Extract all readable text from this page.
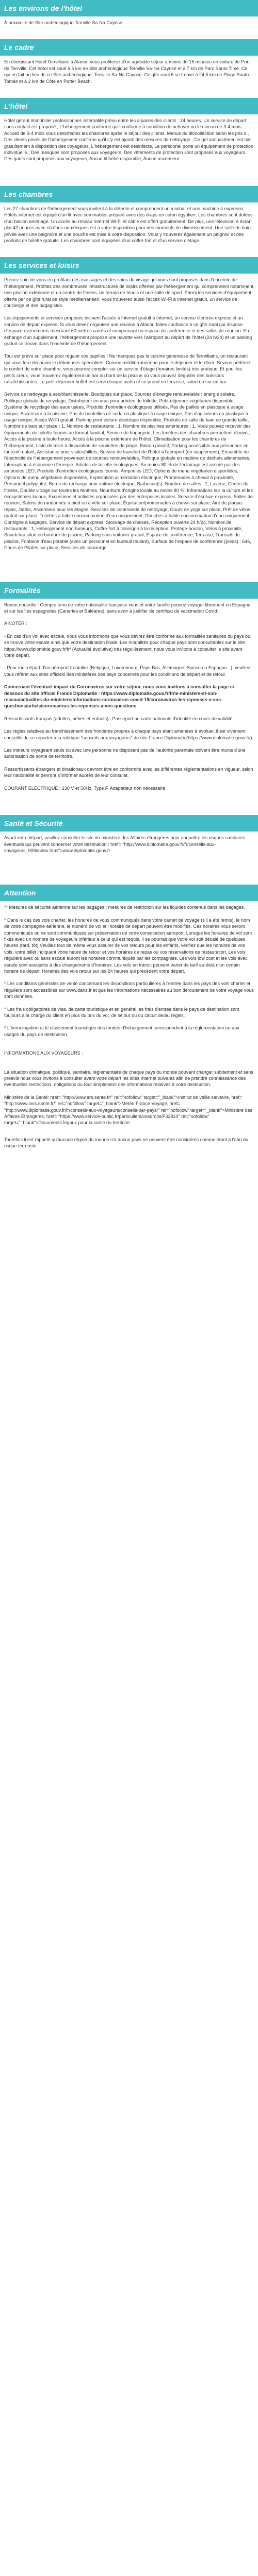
Les environs de l'hôtel
À proximité de Site archéologique Terrville Sa-Na Cayose
Le cadre
En choisissant Hotel Terrvillains à Alanor, vous profiterez d'un agréable séjour à moins de 15 minutes en voiture de Port de Terrville. Cet hôtel est situé à 5 km de Site archéologique Terrville Sa-Na Cayose et à 7 km de Parc Santo Timé. Ce qui en fait un lieu de ce Site archéologique. Terrville Sa-Na Cayose. Ce gîte rural 5 se trouve à 24,5 km de Plage Santo-Tomás et à 2 km de Côte en Porter Beach.
L'hôtel
Hôtel gérant immobilier professionnel. Internalité prévu entre les alpaces des clients : 24 heures. Un service de départ sans contact est proposé., L'hébergement conforme qu'il conforme à condition de nettoyer ou le niveau de 3-4 mois. Accueil de 3-4 mois vous désinfectez les chambres après le séjour des clients. Menus du dit/collection selon les prix s., Des clients privés de l'hébergement confirme qu'il s'y est ajouté des mesures de nettoyage., Ce gel antibactérien est mis gratuitement à disposition des voyageurs, L'hébergement est désinfecté, Le personnel porte un équipement de protection individuelle., Des masques sont proposés aux voyageurs, Des vêtements de protection sont proposés aux voyageurs, Ces gants sont proposés aux voyageurs, Aucun lit bébé disponible, Aucun ascenseur
Les chambres
Les 27 chambres de l'hébergement vous invitent à la détente et comprennent un minibar et une machine à expresso. Hôtels internet est équipé d'un lit avec sommables préparé avec des draps en coton égyptien. Les chambres sont dotées d'un balcon aménagé. Un accès au réseau Internet Wi-Fi et câblé est offert gratuitement. De plus, une télévision à écran plat 42 pouces avec chaînes numériques est à votre disposition pour des moments de divertissement. Une salle de bain privée avec une baignoire et une douche est mise à votre disposition. Vous y trouverez également un peignoir et des produits de toilette gratuits. Les chambres sont équipées d'un coffre-fort et d'un service d'étage.
Les services et loisirs

Prenez soin de vous en profitant des massages et des soins du visage qui vous sont proposés dans l'enceinte de l'hébergement. Profitez des nombreuses infrastructures de loisirs offertes par l'hébergement qui comprennent notamment une piscine extérieure et un centre de fitness, un terrain de tennis et une salle de sport. Parmi les services d'équipement offerts par ce gîte rural de style méditerranéen, vous trouverez aussi l'accès Wi-Fi à Internet gratuit, un service de concierge et des bagagistes.

Les équipements et services proposés incluent l'accès à Internet gratuit à Internet, un service d'entrée express et un service de départ express. Si vous devez organiser une réunion à Alanor, faites confiance à ce gîte rural qui dispose d'espace événements mesurant 60 mètres carrés et comprenant un espace de conférence et des salles de réunion. En échange d'un supplément, l'hébergement propose une navette vers l'aéroport au départ de l'hôtel (24 h/24) et un parking gratuit se trouve dans l'enceinte de l'hébergement.

Tout est prévu sur place pour régaler vos papilles ! Ne manquez pas la cuisine généreuse de Terrvillains, un restaurant qui vous fera découvrir le délicieuses spécialités. Cuisine méditerranéenne pour le déjeuner et le dîner. Si vous préférez le confort de votre chambre, vous pourrez compter sur un service d'étage (horaires limités) très pratique. Et pour les petits creux, vous trouverez également un bar au bord de la piscine où vous pouvez déguster des boissons rafraîchissantes. Le petit-déjeuner buffet est servi chaque matin et se prend en terrasse, salon ou sur un bar.

Service de nettoyage à sec/blanchisserie, Boutiques sur place, Sources d'énergie renouvelable : énergie solaire, Politique globale de recyclage, Distributeur en vrac pour articles de toilette, Petit-déjeuner végétarien disponible, Système de recyclage des eaux usées, Produits d'entretien écologiques utilisés, Pas de pailles en plastique à usage unique, Ascenseur à la piscine, Pas de bouteilles de soda en plastique à usage unique, Pas d'agitateurs en plastique à usage unique, Accès Wi-Fi gratuit, Parking pour voiture électrique disponible, Produits de salle de bain de grande taille, Nombre de bars sur place : 1, Nombre de restaurants : 1, Nombre de piscines extérieures : 1, Vous pouvez recevoir des équipements de toilette fournis au format familial, Service de bagagerie, Les fenêtres des chambres permettent d'ouvrir, Accès à la piscine à toute heure, Accès à la piscine extérieure de l'hôtel, Climatisation pour les chambres de l'hébergement, Liste de mise à disposition de serviettes de plage, Balcon privatif, Parking accessible aux personnes en fauteuil roulant, Assistance pour visites/billets, Service de transfert de l'hôtel à l'aéroport (en supplément), Ensemble de l'électricité de l'hébergement provenant de sources renouvelables, Politique globale en matière de déchets alimentaires, Interruption à économie d'énergie, Articles de toilette écologiques, Au moins 80 % de l'éclairage est assuré par des ampoules LED, Produits d'entretien écologiques fournis, Ampoules LED, Options de menu végétarien disponibles, Options de menu végétarien disponibles, Exploitation alimentation électrique, Promenades à cheval à proximité, Personnel polyglotte, Borne de recharge pour voiture électrique, Barbecue(s), Nombre de salles : 1, Laverie, Centre de fitness, Double vitrage sur toutes les fenêtres, Nourriture d'origine locale au moins 80 %, Informations sur la culture et les écosystèmes locaux, Excursions et activités organisées par des entreprises locales, Service d'écriture express, Salles de réunion, Salons de randonnée à pied ou à vélo sur place, Équitation/promenades à cheval sur place, Aire de plaque-repas, Jardin, Ascenseur pour les étages, Services de commande de nettoyage, Cours de yoga sur place, Prêt de vélos gratuit sur place, Toilettes à faible consommation d'eau uniquement, Douches à faible consommation d'eau uniquement, Consigne à bagages, Service de départ express, Stockage de chaises, Réception ouverte 24 h/24, Nombre de restaurants : 1, Hébergement non-fumeurs, Coffre-fort à consigne à la réception, Protège-bouton, Vélos à proximité, Snack-bar situé en bordure de piscine, Parking sans voiturier gratuit, Espace de conférence, Terrasse, Transats de piscine, Fontaine d'eau potable (avec un personnel en fauteuil roulant), Surface de l'espace de conférence (pieds) : 646, Cours de Pilates sur place, Services de concierge

Formalités

Bonne nouvelle ! Compte tenu de votre nationalité française vous et votre famille pouvez voyager librement en Espagne et sur les îles espagnoles (Canaries et Baléares), sans avoir à justifier de certificat de vaccination Covid.

A NOTER :

- En cas d'un vol avec escale, nous vous informons que vous devrez être conforme aux formalités sanitaires du pays où se trouve votre escale ainsi que votre destination finale. Les modalités pour chaque pays sont consultables sur le site https://www.diplomatie.gouv.fr/fr/ (Actualité évolutive) très régulièrement, nous vous invitons à consulter le site avant votre départ.

- Pour tout départ d'un aéroport frontalier (Belgique, Luxembourg, Pays-Bas, Allemagne, Suisse ou Espagne...), veuillez vous référer aux sites officiels des ministères des pays concernés pour les conditions de départ et de retour.

Concernant l'éventuel impact du Coronavirus sur votre séjour, nous vous invitons à consulter la page ci-dessous du site officiel France Diplomatie : https://www.diplomatie.gouv.fr/fr/le-ministere-et-son-reseau/actualites-du-ministere/informations-coronavirus-covid-19/coronavirus-les-reponses-a-vos-questions/article/coronavirus-les-reponses-a-vos-questions

Ressortissants français (adultes, bébés et enfants) : Passeport ou carte nationale d'identité en cours de validité.

Les règles relatives au franchissement des frontières propres à chaque pays étant amenées à évoluer, il est vivement conseillé de se reporter à la rubrique "conseils aux voyageurs" du site France Diplomatie(https://www.diplomatie.gouv.fr/).

Les mineurs voyageant seuls ou avec une personne ne disposant pas de l'autorité parentale doivent être munis d'une autorisation de sortie de territoire.

Ressortissants étrangers et binationaux devront être en conformité avec les différentes réglementations en vigueur, selon leur nationalité et devront s'informer auprès de leur consulat.

COURANT ELECTRIQUE : 230 V et 50Hz, Type F, Adaptateur non nécessaire.

Santé et Sécurité
Avant votre départ, veuillez consulter le site du ministère des Affaires étrangères pour connaître les risques sanitaires éventuels qui peuvent concerner votre destination : href= "http://www.diplomatie.gouv.fr/fr/conseils-aux-voyageurs_909/index.html">www.diplomatie.gouv.fr
Attention

** Mesures de sécurité aérienne sur les bagages : mesures de restriction sur les liquides contenus dans les bagages.

* Dans le cas des vols charter, les horaires de vous communiqués dans votre carnet de voyage (s'il a été remis), le nom de votre compagnie aérienne, le numéro de vol et l'horaire de départ peuvent être modifiés. Ces horaires vous seront communiqués ou ne sont communiqués sur présentation de votre convocation aéroport. Lorsque les horaires de vol sont fixés avec un nombre de voyageurs inférieur à celui qui est requis, il se pourrait que votre vol soit décalé de quelques heures (tard, tôt).Veuillez tout de même vous assurer de vos retours pour les enfants, vérifiez que les horaires de vos vols, votre billet indiquant votre heure de retour et vos horaires de repas ou vos réservations de restauration. Les vols réguliers avec ou sans escale auront les horaires communiqués par les compagnies. Les vols low cost et les vols avec escale sont assujettis à des changements d'horaires. Les vols en transit peuvent varier de tarif au-delà d'un certain horaire de départ. Horaires des vols retour sur les 24 heures qui précèdent votre départ.

* Les conditions générales de vente concernant les dispositions particulières à l'entrée dans les pays des vols charter et réguliers sont accessibles sur www.dans.fr et que les informations nécessaires au bon déroulement de votre voyage vous sont données.

* Les frais obligatoires de visa, de carte touristique et en général les frais d'entrée dans le pays de destination sont toujours à la charge du client en plus du prix du vol, de séjour ou du circuit de/au règles.

* L'homologation et le classement touristique des modes d'hébergement correspondent à la réglementation ou aux usages du pays de destination.

INFORMATIONS AUX VOYAGEURS :

La situation climatique, politique, sanitaire, réglementaire de chaque pays du monde pouvant changer subitement et sans préavis nous vous invitons à consulter avant votre départ les sites Internet suivants afin de prendre connaissance des éventuelles restrictions, obligations ou tout simplement des informations relatives à votre destination.

Ministère de la Santé: href= "http://www.ars.sante.fr/" rel="nofollow" target="_blank">Institut de veille sanitaire, href= "http://www.invs.sante.fr/" rel="nofollow" target="_blank">Météo France Voyage, href= "http://www.diplomatie.gouv.fr/fr/conseils-aux-voyageurs/conseils-par-pays/" rel="nofollow" target="_blank">Ministère des Affaires Étrangères, href= "https://www.service-public.fr/particuliers/vosdroits/F32810" rel="nofollow" target="_blank">Documents légaux pour la sortie du territoire.

Toutefois il est rappelé qu'aucune région du monde n'a aucun pays ne peuvent être considérés comme étant à l'abri du risque terroriste.
